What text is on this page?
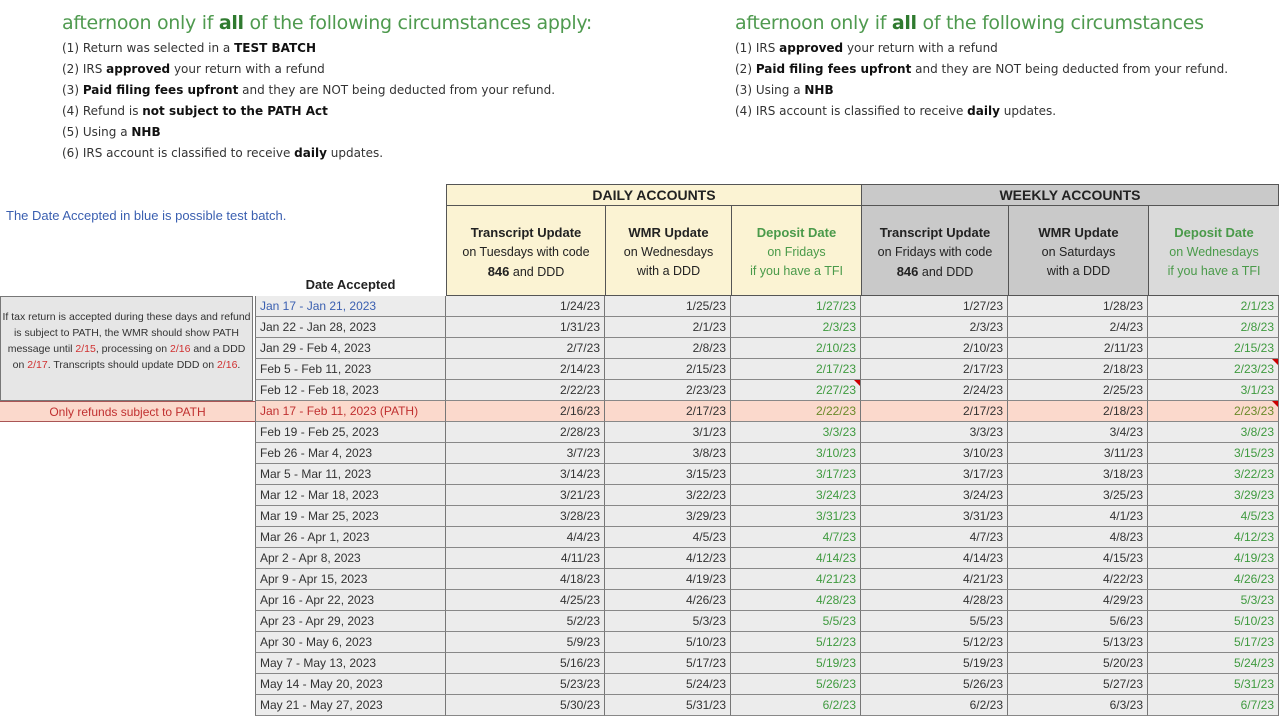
afternoon only if all of the following circumstances apply:
(1) Return was selected in a TEST BATCH
(2) IRS approved your return with a refund
(3) Paid filing fees upfront and they are NOT being deducted from your refund.
(4) Refund is not subject to the PATH Act
(5) Using a NHB
(6) IRS account is classified to receive daily updates.
afternoon only if all of the following circumstances
(1) IRS approved your return with a refund
(2) Paid filing fees upfront and they are NOT being deducted from your refund.
(3) Using a NHB
(4) IRS account is classified to receive daily updates.
The Date Accepted in blue is possible test batch.
Date Accepted
DAILY ACCOUNTS	WEEKLY ACCOUNTS
Transcript Update
on Tuesdays with code
846 and DDD
WMR Update
on Wednesdays
with a DDD
Deposit Date
on Fridays
if you have a TFI
Transcript Update
on Fridays with code
846 and DDD
WMR Update
on Saturdays
with a DDD
Deposit Date
on Wednesdays
if you have a TFI
If tax return is accepted during these days and refund is subject to PATH, the WMR should show PATH message until 2/15, processing on 2/16 and a DDD on 2/17. Transcripts should update DDD on 2/16.
Only refunds subject to PATH
Jan 17 - Jan 21, 2023	1/24/23	1/25/23	1/27/23	1/27/23	1/28/23	2/1/23
Jan 22 - Jan 28, 2023	1/31/23	2/1/23	2/3/23	2/3/23	2/4/23	2/8/23
Jan 29 - Feb 4, 2023	2/7/23	2/8/23	2/10/23	2/10/23	2/11/23	2/15/23
Feb 5 - Feb 11, 2023	2/14/23	2/15/23	2/17/23	2/17/23	2/18/23	2/23/23
Feb 12 - Feb 18, 2023	2/22/23	2/23/23	2/27/23	2/24/23	2/25/23	3/1/23
Jan 17 - Feb 11, 2023 (PATH)	2/16/23	2/17/23	2/22/23	2/17/23	2/18/23	2/23/23
Feb 19 - Feb 25, 2023	2/28/23	3/1/23	3/3/23	3/3/23	3/4/23	3/8/23
Feb 26 - Mar 4, 2023	3/7/23	3/8/23	3/10/23	3/10/23	3/11/23	3/15/23
Mar 5 - Mar 11, 2023	3/14/23	3/15/23	3/17/23	3/17/23	3/18/23	3/22/23
Mar 12 - Mar 18, 2023	3/21/23	3/22/23	3/24/23	3/24/23	3/25/23	3/29/23
Mar 19 - Mar 25, 2023	3/28/23	3/29/23	3/31/23	3/31/23	4/1/23	4/5/23
Mar 26 - Apr 1, 2023	4/4/23	4/5/23	4/7/23	4/7/23	4/8/23	4/12/23
Apr 2 - Apr 8, 2023	4/11/23	4/12/23	4/14/23	4/14/23	4/15/23	4/19/23
Apr 9 - Apr 15, 2023	4/18/23	4/19/23	4/21/23	4/21/23	4/22/23	4/26/23
Apr 16 - Apr 22, 2023	4/25/23	4/26/23	4/28/23	4/28/23	4/29/23	5/3/23
Apr 23 - Apr 29, 2023	5/2/23	5/3/23	5/5/23	5/5/23	5/6/23	5/10/23
Apr 30 - May 6, 2023	5/9/23	5/10/23	5/12/23	5/12/23	5/13/23	5/17/23
May 7 - May 13, 2023	5/16/23	5/17/23	5/19/23	5/19/23	5/20/23	5/24/23
May 14 - May 20, 2023	5/23/23	5/24/23	5/26/23	5/26/23	5/27/23	5/31/23
May 21 - May 27, 2023	5/30/23	5/31/23	6/2/23	6/2/23	6/3/23	6/7/23
